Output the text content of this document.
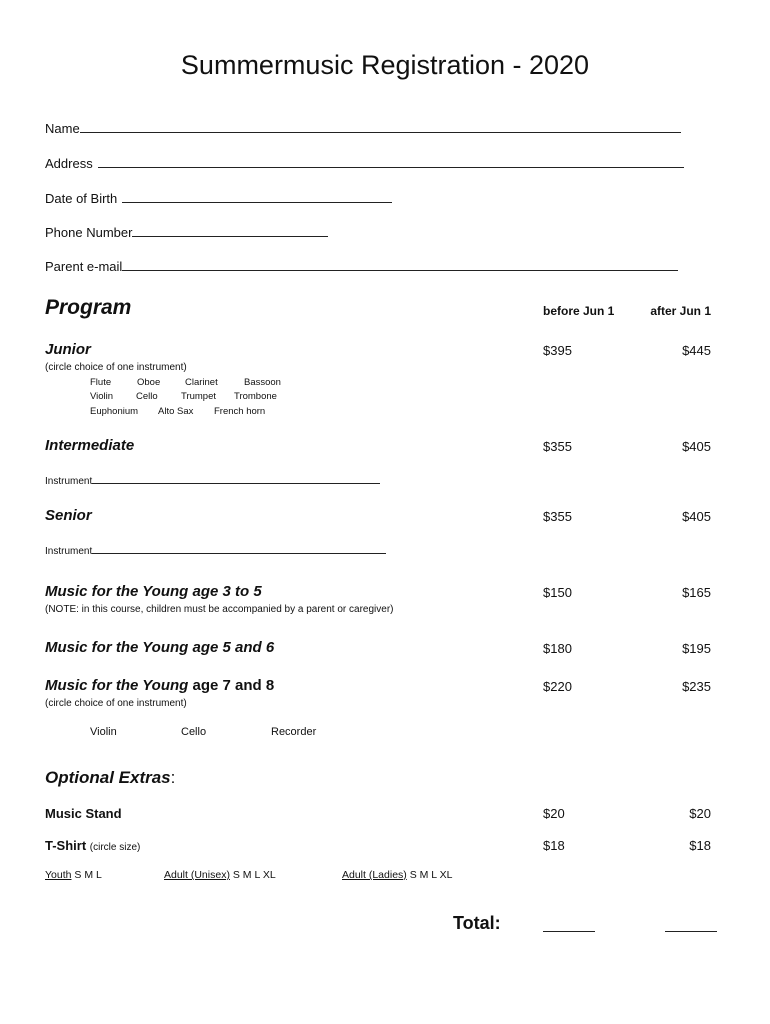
Summermusic Registration - 2020
Name
Address
Date of Birth
Phone Number
Parent e-mail
Program	before Jun 1	after Jun 1
Junior	$395	$445
(circle choice of one instrument)
Flute	Oboe	Clarinet	Bassoon
Violin Cello Trumpet Trombone
Euphonium Alto Sax French horn
Intermediate	$355	$405
Instrument
Senior	$355	$405
Instrument
Music for the Young age 3 to 5	$150	$165
(NOTE: in this course, children must be accompanied by a parent or caregiver)
Music for the Young age 5 and 6	$180	$195
Music for the Young age 7 and 8	$220	$235
(circle choice of one instrument)
Violin	Cello	Recorder
Optional Extras:
Music Stand	$20	$20
T-Shirt (circle size)	$18	$18
Youth S M L	Adult (Unisex) S M L XL	Adult (Ladies) S M L XL
Total:
